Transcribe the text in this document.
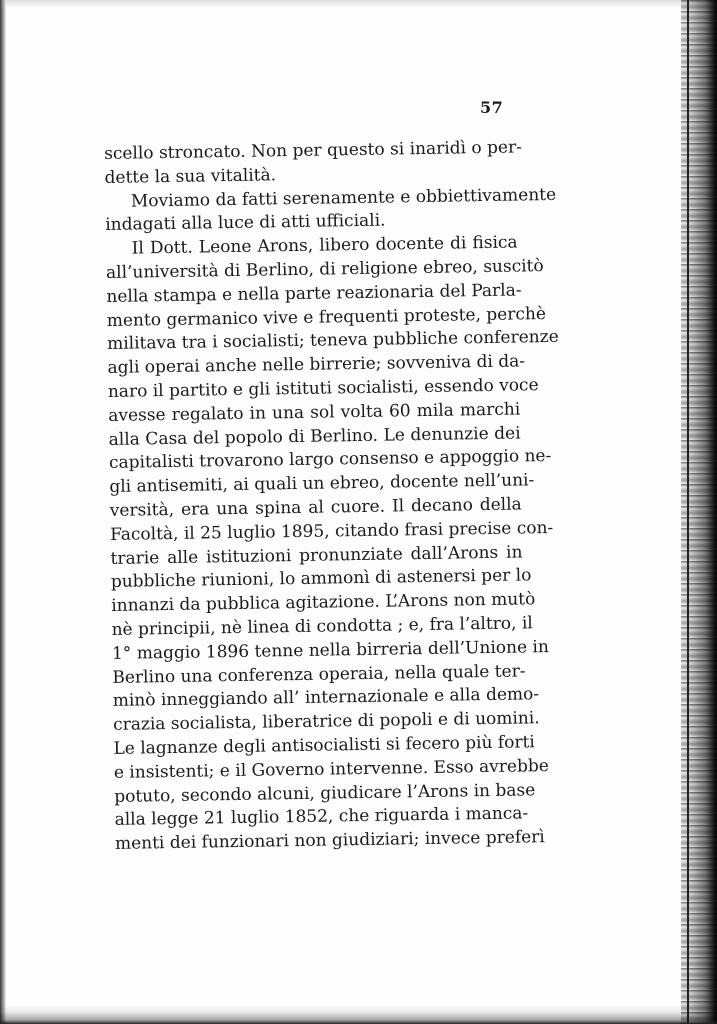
57
scello stroncato. Non per questo si inaridì o per-
dette la sua vitalità.
Moviamo da fatti serenamente e obbiettivamente
indagati alla luce di atti ufficiali.
Il Dott. Leone Arons, libero docente di fisica
all’università di Berlino, di religione ebreo, suscitò
nella stampa e nella parte reazionaria del Parla-
mento germanico vive e frequenti proteste, perchè
militava tra i socialisti; teneva pubbliche conferenze
agli operai anche nelle birrerie; sovveniva di da-
naro il partito e gli istituti socialisti, essendo voce
avesse regalato in una sol volta 60 mila marchi
alla Casa del popolo di Berlino. Le denunzie dei
capitalisti trovarono largo consenso e appoggio ne-
gli antisemiti, ai quali un ebreo, docente nell’uni-
versità, era una spina al cuore. Il decano della
Facoltà, il 25 luglio 1895, citando frasi precise con-
trarie alle istituzioni pronunziate dall’Arons in
pubbliche riunioni, lo ammonì di astenersi per lo
innanzi da pubblica agitazione. L’Arons non mutò
nè principii, nè linea di condotta ; e, fra l’altro, il
1° maggio 1896 tenne nella birreria dell’Unione in
Berlino una conferenza operaia, nella quale ter-
minò inneggiando all’ internazionale e alla demo-
crazia socialista, liberatrice di popoli e di uomini.
Le lagnanze degli antisocialisti si fecero più forti
e insistenti; e il Governo intervenne. Esso avrebbe
potuto, secondo alcuni, giudicare l’Arons in base
alla legge 21 luglio 1852, che riguarda i manca-
menti dei funzionari non giudiziari; invece preferì
